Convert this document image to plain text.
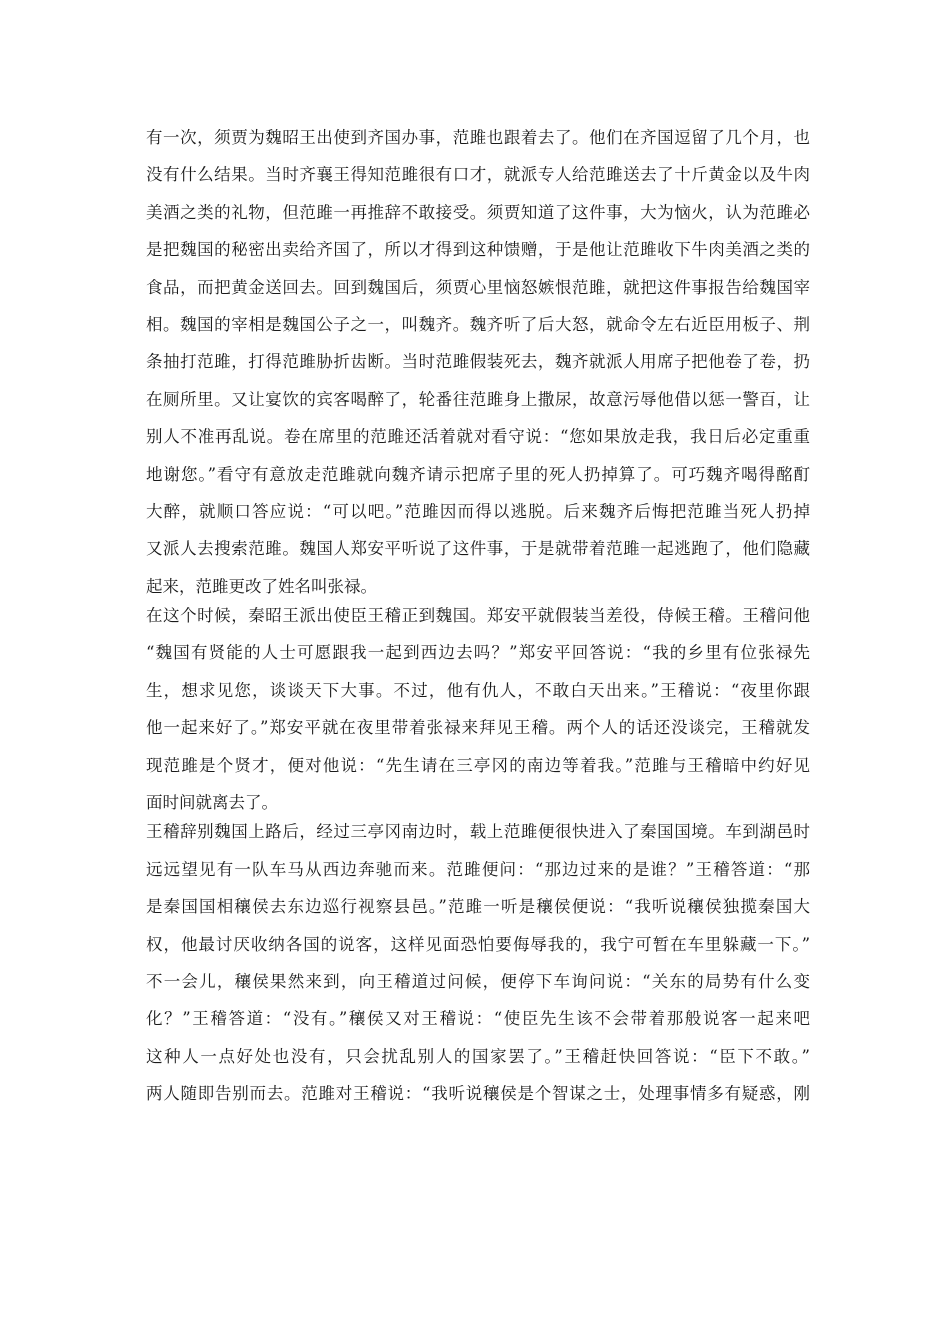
有一次，须贾为魏昭王出使到齐国办事，范雎也跟着去了。他们在齐国逗留了几个月，也
没有什么结果。当时齐襄王得知范雎很有口才，就派专人给范雎送去了十斤黄金以及牛肉
美酒之类的礼物，但范雎一再推辞不敢接受。须贾知道了这件事，大为恼火，认为范雎必
是把魏国的秘密出卖给齐国了，所以才得到这种馈赠，于是他让范雎收下牛肉美酒之类的
食品，而把黄金送回去。回到魏国后，须贾心里恼怒嫉恨范雎，就把这件事报告给魏国宰
相。魏国的宰相是魏国公子之一，叫魏齐。魏齐听了后大怒，就命令左右近臣用板子、荆
条抽打范雎，打得范雎胁折齿断。当时范雎假装死去，魏齐就派人用席子把他卷了卷，扔
在厕所里。又让宴饮的宾客喝醉了，轮番往范雎身上撒尿，故意污辱他借以惩一警百，让
别人不准再乱说。卷在席里的范雎还活着就对看守说：“您如果放走我，我日后必定重重
地谢您。”看守有意放走范雎就向魏齐请示把席子里的死人扔掉算了。可巧魏齐喝得酩酊
大醉，就顺口答应说：“可以吧。”范雎因而得以逃脱。后来魏齐后悔把范雎当死人扔掉
又派人去搜索范雎。魏国人郑安平听说了这件事，于是就带着范雎一起逃跑了，他们隐藏
起来，范雎更改了姓名叫张禄。
在这个时候，秦昭王派出使臣王稽正到魏国。郑安平就假装当差役，侍候王稽。王稽问他
“魏国有贤能的人士可愿跟我一起到西边去吗？”郑安平回答说：“我的乡里有位张禄先
生，想求见您，谈谈天下大事。不过，他有仇人，不敢白天出来。”王稽说：“夜里你跟
他一起来好了。”郑安平就在夜里带着张禄来拜见王稽。两个人的话还没谈完，王稽就发
现范雎是个贤才，便对他说：“先生请在三亭冈的南边等着我。”范雎与王稽暗中约好见
面时间就离去了。
王稽辞别魏国上路后，经过三亭冈南边时，载上范雎便很快进入了秦国国境。车到湖邑时
远远望见有一队车马从西边奔驰而来。范雎便问：“那边过来的是谁？”王稽答道：“那
是秦国国相穰侯去东边巡行视察县邑。”范雎一听是穰侯便说：“我听说穰侯独揽秦国大
权，他最讨厌收纳各国的说客，这样见面恐怕要侮辱我的，我宁可暂在车里躲藏一下。”
不一会儿，穰侯果然来到，向王稽道过问候，便停下车询问说：“关东的局势有什么变
化？”王稽答道：“没有。”穰侯又对王稽说：“使臣先生该不会带着那般说客一起来吧
这种人一点好处也没有，只会扰乱别人的国家罢了。”王稽赶快回答说：“臣下不敢。”
两人随即告别而去。范雎对王稽说：“我听说穰侯是个智谋之士，处理事情多有疑惑，刚
